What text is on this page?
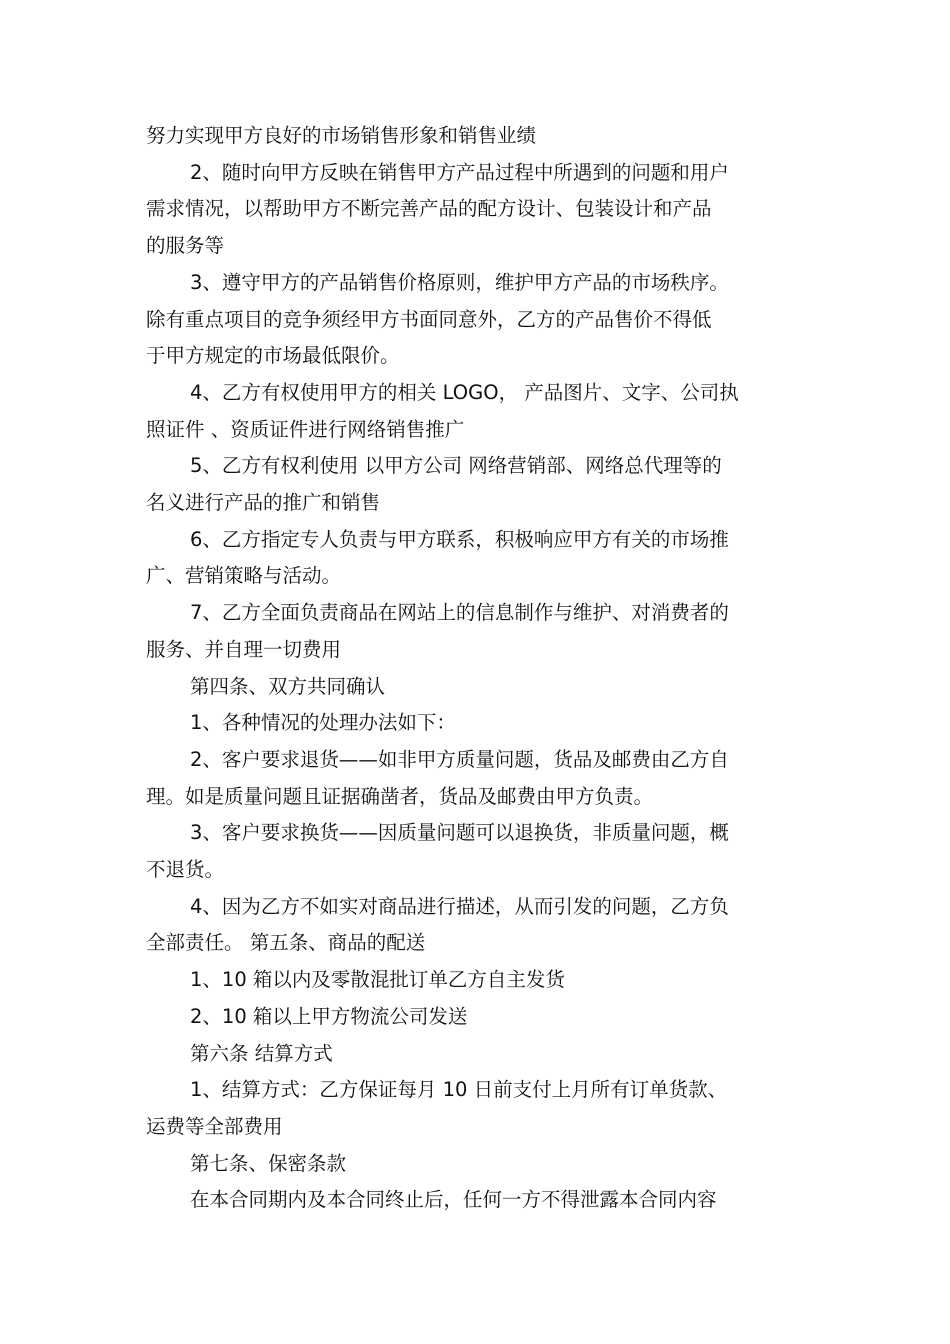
努力实现甲方良好的市场销售形象和销售业绩

2、随时向甲方反映在销售甲方产品过程中所遇到的问题和用户

需求情况，以帮助甲方不断完善产品的配方设计、包装设计和产品

的服务等

3、遵守甲方的产品销售价格原则，维护甲方产品的市场秩序。

除有重点项目的竞争须经甲方书面同意外，乙方的产品售价不得低

于甲方规定的市场最低限价。

4、乙方有权使用甲方的相关 LOGO， 产品图片、文字、公司执

照证件 、资质证件进行网络销售推广

5、乙方有权利使用 以甲方公司 网络营销部、网络总代理等的

名义进行产品的推广和销售

6、乙方指定专人负责与甲方联系，积极响应甲方有关的市场推

广、营销策略与活动。

7、乙方全面负责商品在网站上的信息制作与维护、对消费者的

服务、并自理一切费用

第四条、双方共同确认

1、各种情况的处理办法如下：

2、客户要求退货——如非甲方质量问题，货品及邮费由乙方自

理。如是质量问题且证据确凿者，货品及邮费由甲方负责。

3、客户要求换货——因质量问题可以退换货，非质量问题，概

不退货。

4、因为乙方不如实对商品进行描述，从而引发的问题，乙方负

全部责任。 第五条、商品的配送

1、10 箱以内及零散混批订单乙方自主发货

2、10 箱以上甲方物流公司发送

第六条 结算方式

1、结算方式：乙方保证每月 10 日前支付上月所有订单货款、

运费等全部费用

第七条、保密条款

在本合同期内及本合同终止后，任何一方不得泄露本合同内容
